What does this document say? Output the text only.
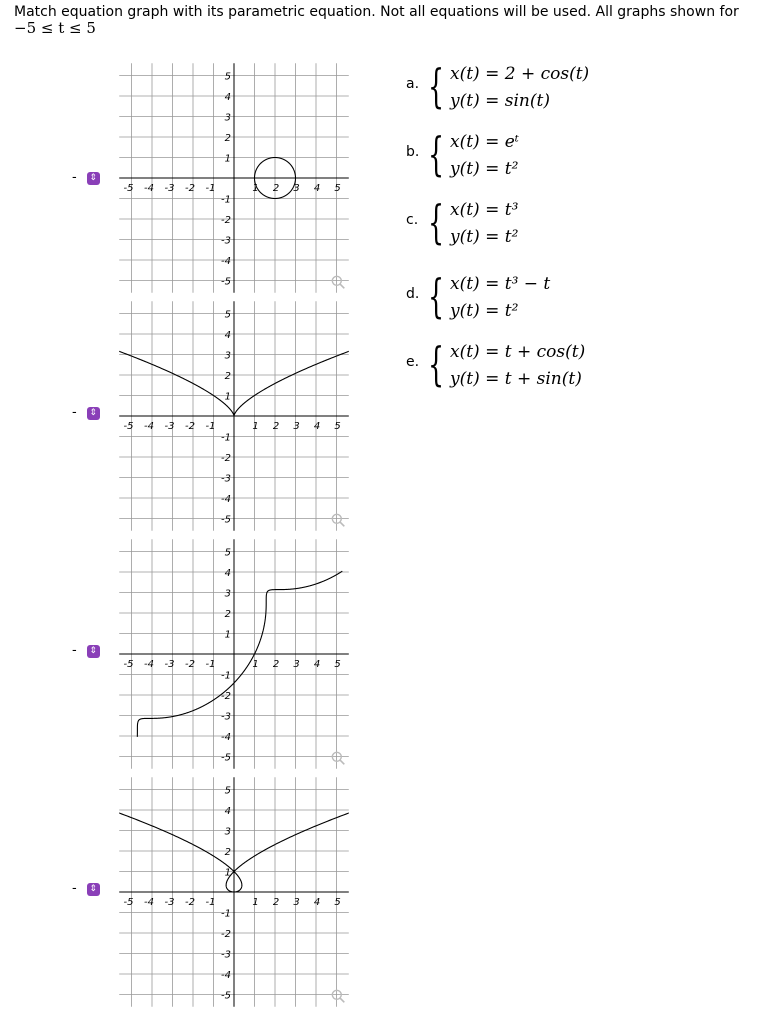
Match equation graph with its parametric equation. Not all equations will be used. All graphs shown for
−5 ≤ t ≤ 5
-	⇕
-5 -4 -3 -2 -1	1 2 3 4 5
5
4
3
2
1
-1
-2
-3
-4
-5
-	⇕
-5 -4 -3 -2 -1	1 2 3 4 5
5
4
3
2
1
-1
-2
-3
-4
-5
-	⇕
-5 -4 -3 -2 -1	1 2 3 4 5
5
4
3
2
1
-1
-2
-3
-4
-5
-	⇕
-5 -4 -3 -2 -1	1 2 3 4 5
5
4
3
2
1
-1
-2
-3
-4
-5
a. { x(t) = 2 + cos(t)
y(t) = sin(t)
b. { x(t) = eᵗ
y(t) = t²
c. { x(t) = t³
y(t) = t²
d. { x(t) = t³ − t
y(t) = t²
e. { x(t) = t + cos(t)
y(t) = t + sin(t)
